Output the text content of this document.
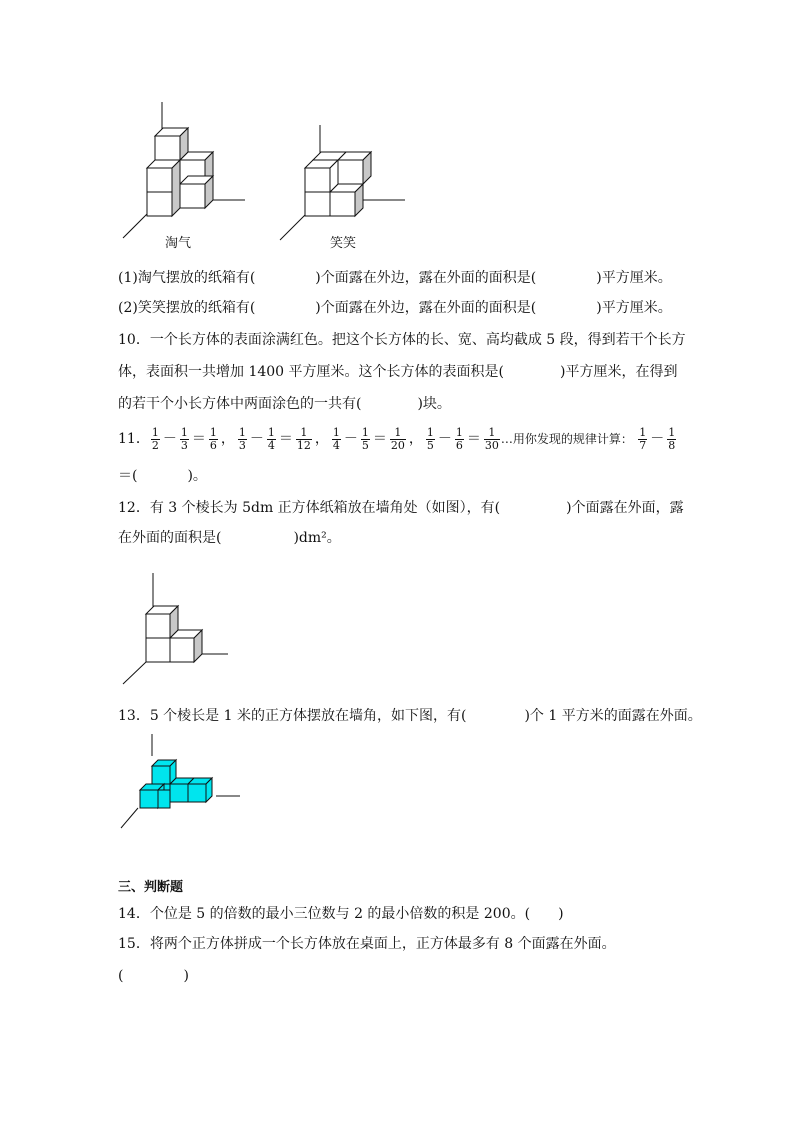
淘气	笑笑
(1)淘气摆放的纸箱有(	)个面露在外边，露在外面的面积是(	)平方厘米。
(2)笑笑摆放的纸箱有(	)个面露在外边，露在外面的面积是(	)平方厘米。
10．一个长方体的表面涂满红色。把这个长方体的长、宽、高均截成 5 段，得到若干个长方
体，表面积一共增加 1400 平方厘米。这个长方体的表面积是(	)平方厘米，在得到
的若干个小长方体中两面涂色的一共有(	)块。
11． $\frac{1}{2} - \frac{1}{3} = \frac{1}{6}$ ， $\frac{1}{3} - \frac{1}{4} = \frac{1}{12}$ ， $\frac{1}{4} - \frac{1}{5} = \frac{1}{20}$ ， $\frac{1}{5} - \frac{1}{6} = \frac{1}{30}$ …用你发现的规律计算： $\frac{1}{7} - \frac{1}{8}$
＝(	)。
12．有 3 个棱长为 5dm 正方体纸箱放在墙角处（如图），有(	)个面露在外面，露
在外面的面积是(	)dm²。
13．5 个棱长是 1 米的正方体摆放在墙角，如下图，有(	)个 1 平方米的面露在外面。
三、判断题
14．个位是 5 的倍数的最小三位数与 2 的最小倍数的积是 200。( )
15．将两个正方体拼成一个长方体放在桌面上，正方体最多有 8 个面露在外面。
(	)
